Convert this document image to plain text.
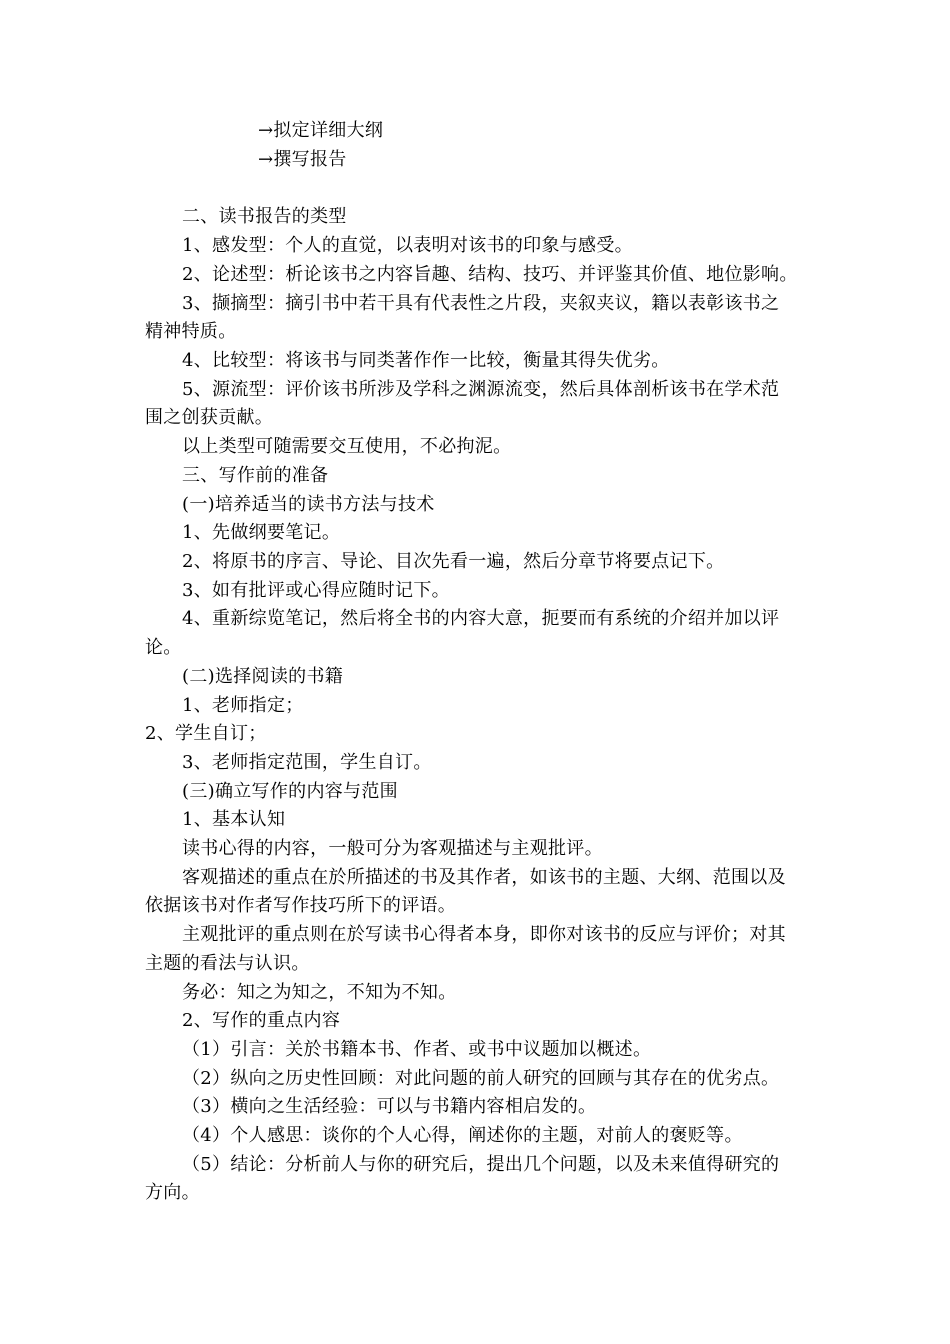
→拟定详细大纲
→撰写报告
二、读书报告的类型
1、感发型：个人的直觉，以表明对该书的印象与感受。
2、论述型：析论该书之内容旨趣、结构、技巧、并评鉴其价值、地位影响。
3、撷摘型：摘引书中若干具有代表性之片段，夹叙夹议，籍以表彰该书之
精神特质。
4、比较型：将该书与同类著作作一比较，衡量其得失优劣。
5、源流型：评价该书所涉及学科之渊源流变，然后具体剖析该书在学术范
围之创获贡献。
以上类型可随需要交互使用，不必拘泥。
三、写作前的准备
(一)培养适当的读书方法与技术
1、先做纲要笔记。
2、将原书的序言、导论、目次先看一遍，然后分章节将要点记下。
3、如有批评或心得应随时记下。
4、重新综览笔记，然后将全书的内容大意，扼要而有系统的介绍并加以评
论。
(二)选择阅读的书籍
1、老师指定；
2、学生自订；
3、老师指定范围，学生自订。
(三)确立写作的内容与范围
1、基本认知
读书心得的内容，一般可分为客观描述与主观批评。
客观描述的重点在於所描述的书及其作者，如该书的主题、大纲、范围以及
依据该书对作者写作技巧所下的评语。
主观批评的重点则在於写读书心得者本身，即你对该书的反应与评价；对其
主题的看法与认识。
务必：知之为知之，不知为不知。
2、写作的重点内容
（1）引言：关於书籍本书、作者、或书中议题加以概述。
（2）纵向之历史性回顾：对此问题的前人研究的回顾与其存在的优劣点。
（3）横向之生活经验：可以与书籍内容相启发的。
（4）个人感思：谈你的个人心得，阐述你的主题，对前人的褒贬等。
（5）结论：分析前人与你的研究后，提出几个问题，以及未来值得研究的
方向。
